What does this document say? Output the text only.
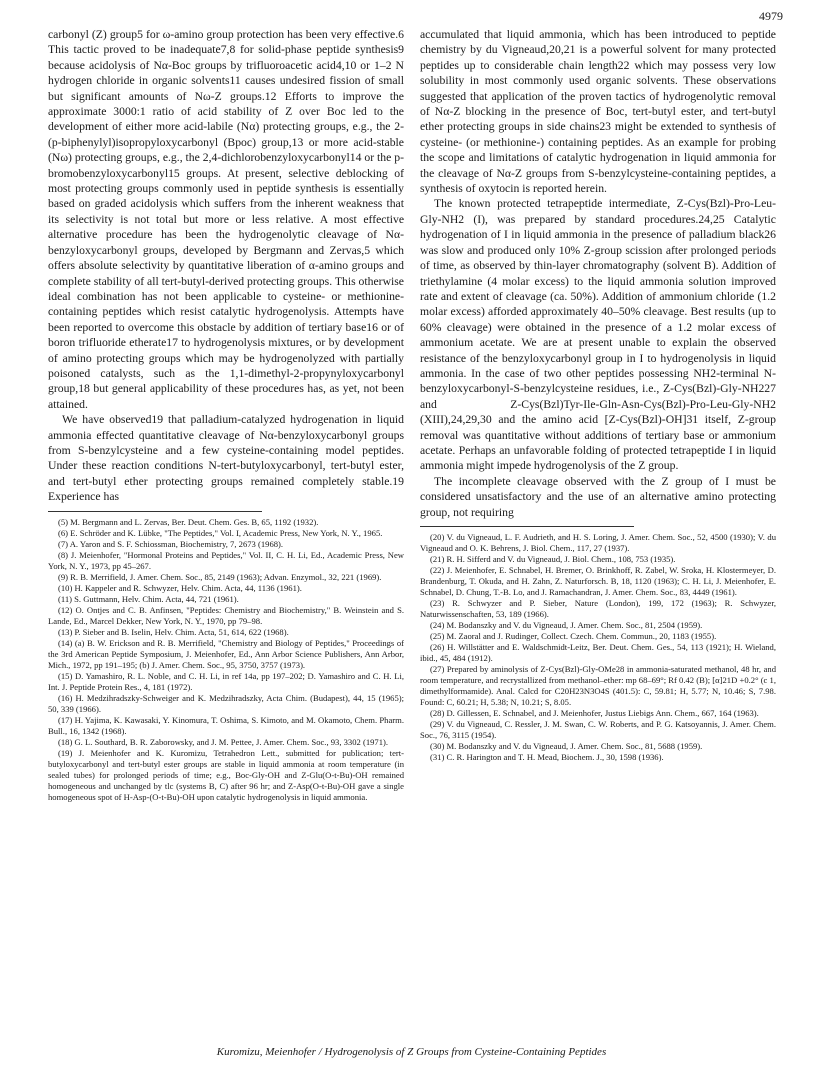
4979

carbonyl (Z) group5 for ω-amino group protection has been very effective.6 This tactic proved to be inadequate7,8 for solid-phase peptide synthesis9 because acidolysis of Nα-Boc groups by trifluoroacetic acid4,10 or 1–2 N hydrogen chloride in organic solvents11 causes undesired fission of small but significant amounts of Nω-Z groups.12 Efforts to improve the approximate 3000:1 ratio of acid stability of Z over Boc led to the development of either more acid-labile (Nα) protecting groups, e.g., the 2-(p-biphenylyl)isopropyloxycarbonyl (Bpoc) group,13 or more acid-stable (Nω) protecting groups, e.g., the 2,4-dichlorobenzyloxycarbonyl14 or the p-bromobenzyloxycarbonyl15 groups. At present, selective deblocking of most protecting groups commonly used in peptide synthesis is essentially based on graded acidolysis which suffers from the inherent weakness that its selectivity is not total but more or less relative. A most effective alternative procedure has been the hydrogenolytic cleavage of Nα-benzyloxycarbonyl groups, developed by Bergmann and Zervas,5 which offers absolute selectivity by quantitative liberation of α-amino groups and complete stability of all tert-butyl-derived protecting groups. This otherwise ideal combination has not been applicable to cysteine- or methionine-containing peptides which resist catalytic hydrogenolysis. Attempts have been reported to overcome this obstacle by addition of tertiary base16 or of boron trifluoride etherate17 to hydrogenolysis mixtures, or by development of amino protecting groups which may be hydrogenolyzed with partially poisoned catalysts, such as the 1,1-dimethyl-2-propynyloxycarbonyl group,18 but general applicability of these procedures has, as yet, not been attained.

We have observed19 that palladium-catalyzed hydrogenation in liquid ammonia effected quantitative cleavage of Nα-benzyloxycarbonyl groups from S-benzylcysteine and a few cysteine-containing model peptides. Under these reaction conditions N-tert-butyloxycarbonyl, tert-butyl ester, and tert-butyl ether protecting groups remained completely stable.19 Experience has

(5) M. Bergmann and L. Zervas, Ber. Deut. Chem. Ges. B, 65, 1192 (1932).
(6) E. Schröder and K. Lübke, "The Peptides," Vol. I, Academic Press, New York, N. Y., 1965.
(7) A. Yaron and S. F. Schiossman, Biochemistry, 7, 2673 (1968).
(8) J. Meienhofer, "Hormonal Proteins and Peptides," Vol. II, C. H. Li, Ed., Academic Press, New York, N. Y., 1973, pp 45–267.
(9) R. B. Merrifield, J. Amer. Chem. Soc., 85, 2149 (1963); Advan. Enzymol., 32, 221 (1969).
(10) H. Kappeler and R. Schwyzer, Helv. Chim. Acta, 44, 1136 (1961).
(11) S. Guttmann, Helv. Chim. Acta, 44, 721 (1961).
(12) O. Ontjes and C. B. Anfinsen, "Peptides: Chemistry and Biochemistry," B. Weinstein and S. Lande, Ed., Marcel Dekker, New York, N. Y., 1970, pp 79–98.
(13) P. Sieber and B. Iselin, Helv. Chim. Acta, 51, 614, 622 (1968).
(14) (a) B. W. Erickson and R. B. Merrifield, "Chemistry and Biology of Peptides," Proceedings of the 3rd American Peptide Symposium, J. Meienhofer, Ed., Ann Arbor Science Publishers, Ann Arbor, Mich., 1972, pp 191–195; (b) J. Amer. Chem. Soc., 95, 3750, 3757 (1973).
(15) D. Yamashiro, R. L. Noble, and C. H. Li, in ref 14a, pp 197–202; D. Yamashiro and C. H. Li, Int. J. Peptide Protein Res., 4, 181 (1972).
(16) H. Medzihradszky-Schweiger and K. Medzihradszky, Acta Chim. (Budapest), 44, 15 (1965); 50, 339 (1966).
(17) H. Yajima, K. Kawasaki, Y. Kinomura, T. Oshima, S. Kimoto, and M. Okamoto, Chem. Pharm. Bull., 16, 1342 (1968).
(18) G. L. Southard, B. R. Zaborowsky, and J. M. Pettee, J. Amer. Chem. Soc., 93, 3302 (1971).
(19) J. Meienhofer and K. Kuromizu, Tetrahedron Lett., submitted for publication; tert-butyloxycarbonyl and tert-butyl ester groups are stable in liquid ammonia at room temperature (in sealed tubes) for prolonged periods of time; e.g., Boc-Gly-OH and Z-Glu(O-t-Bu)-OH remained homogeneous and unchanged by tlc (systems B, C) after 96 hr; and Z-Asp(O-t-Bu)-OH gave a single homogeneous spot of H-Asp-(O-t-Bu)-OH upon catalytic hydrogenolysis in liquid ammonia.

accumulated that liquid ammonia, which has been introduced to peptide chemistry by du Vigneaud,20,21 is a powerful solvent for many protected peptides up to considerable chain length22 which may possess very low solubility in most commonly used organic solvents. These observations suggested that application of the proven tactics of hydrogenolytic removal of Nα-Z blocking in the presence of Boc, tert-butyl ester, and tert-butyl ether protecting groups in side chains23 might be extended to synthesis of cysteine- (or methionine-) containing peptides. As an example for probing the scope and limitations of catalytic hydrogenation in liquid ammonia for the cleavage of Nα-Z groups from S-benzylcysteine-containing peptides, a synthesis of oxytocin is reported herein.

The known protected tetrapeptide intermediate, Z-Cys(Bzl)-Pro-Leu-Gly-NH2 (I), was prepared by standard procedures.24,25 Catalytic hydrogenation of I in liquid ammonia in the presence of palladium black26 was slow and produced only 10% Z-group scission after prolonged periods of time, as observed by thin-layer chromatography (solvent B). Addition of triethylamine (4 molar excess) to the liquid ammonia solution improved rate and extent of cleavage (ca. 50%). Addition of ammonium chloride (1.2 molar excess) afforded approximately 40–50% cleavage. Best results (up to 60% cleavage) were obtained in the presence of a 1.2 molar excess of ammonium acetate. We are at present unable to explain the observed resistance of the benzyloxycarbonyl group in I to hydrogenolysis in liquid ammonia. In the case of two other peptides possessing NH2-terminal N-benzyloxycarbonyl-S-benzylcysteine residues, i.e., Z-Cys(Bzl)-Gly-NH227 and Z-Cys(Bzl)Tyr-Ile-Gln-Asn-Cys(Bzl)-Pro-Leu-Gly-NH2 (XIII),24,29,30 and the amino acid [Z-Cys(Bzl)-OH]31 itself, Z-group removal was quantitative without additions of tertiary base or ammonium acetate. Perhaps an unfavorable folding of protected tetrapeptide I in liquid ammonia might impede hydrogenolysis of the Z group.

The incomplete cleavage observed with the Z group of I must be considered unsatisfactory and the use of an alternative amino protecting group, not requiring

(20) V. du Vigneaud, L. F. Audrieth, and H. S. Loring, J. Amer. Chem. Soc., 52, 4500 (1930); V. du Vigneaud and O. K. Behrens, J. Biol. Chem., 117, 27 (1937).
(21) R. H. Sifferd and V. du Vigneaud, J. Biol. Chem., 108, 753 (1935).
(22) J. Meienhofer, E. Schnabel, H. Bremer, O. Brinkhoff, R. Zabel, W. Sroka, H. Klostermeyer, D. Brandenburg, T. Okuda, and H. Zahn, Z. Naturforsch. B, 18, 1120 (1963); C. H. Li, J. Meienhofer, E. Schnabel, D. Chung, T.-B. Lo, and J. Ramachandran, J. Amer. Chem. Soc., 83, 4449 (1961).
(23) R. Schwyzer and P. Sieber, Nature (London), 199, 172 (1963); R. Schwyzer, Naturwissenschaften, 53, 189 (1966).
(24) M. Bodanszky and V. du Vigneaud, J. Amer. Chem. Soc., 81, 2504 (1959).
(25) M. Zaoral and J. Rudinger, Collect. Czech. Chem. Commun., 20, 1183 (1955).
(26) H. Willstätter and E. Waldschmidt-Leitz, Ber. Deut. Chem. Ges., 54, 113 (1921); H. Wieland, ibid., 45, 484 (1912).
(27) Prepared by aminolysis of Z-Cys(Bzl)-Gly-OMe28 in ammonia-saturated methanol, 48 hr, and room temperature, and recrystallized from methanol–ether: mp 68–69°; Rf 0.42 (B); [α]21D +0.2° (c 1, dimethylformamide). Anal. Calcd for C20H23N3O4S (401.5): C, 59.81; H, 5.77; N, 10.46; S, 7.98. Found: C, 60.21; H, 5.38; N, 10.21; S, 8.05.
(28) D. Gillessen, E. Schnabel, and J. Meienhofer, Justus Liebigs Ann. Chem., 667, 164 (1963).
(29) V. du Vigneaud, C. Ressler, J. M. Swan, C. W. Roberts, and P. G. Katsoyannis, J. Amer. Chem. Soc., 76, 3115 (1954).
(30) M. Bodanszky and V. du Vigneaud, J. Amer. Chem. Soc., 81, 5688 (1959).
(31) C. R. Harington and T. H. Mead, Biochem. J., 30, 1598 (1936).
Kuromizu, Meienhofer / Hydrogenolysis of Z Groups from Cysteine-Containing Peptides
